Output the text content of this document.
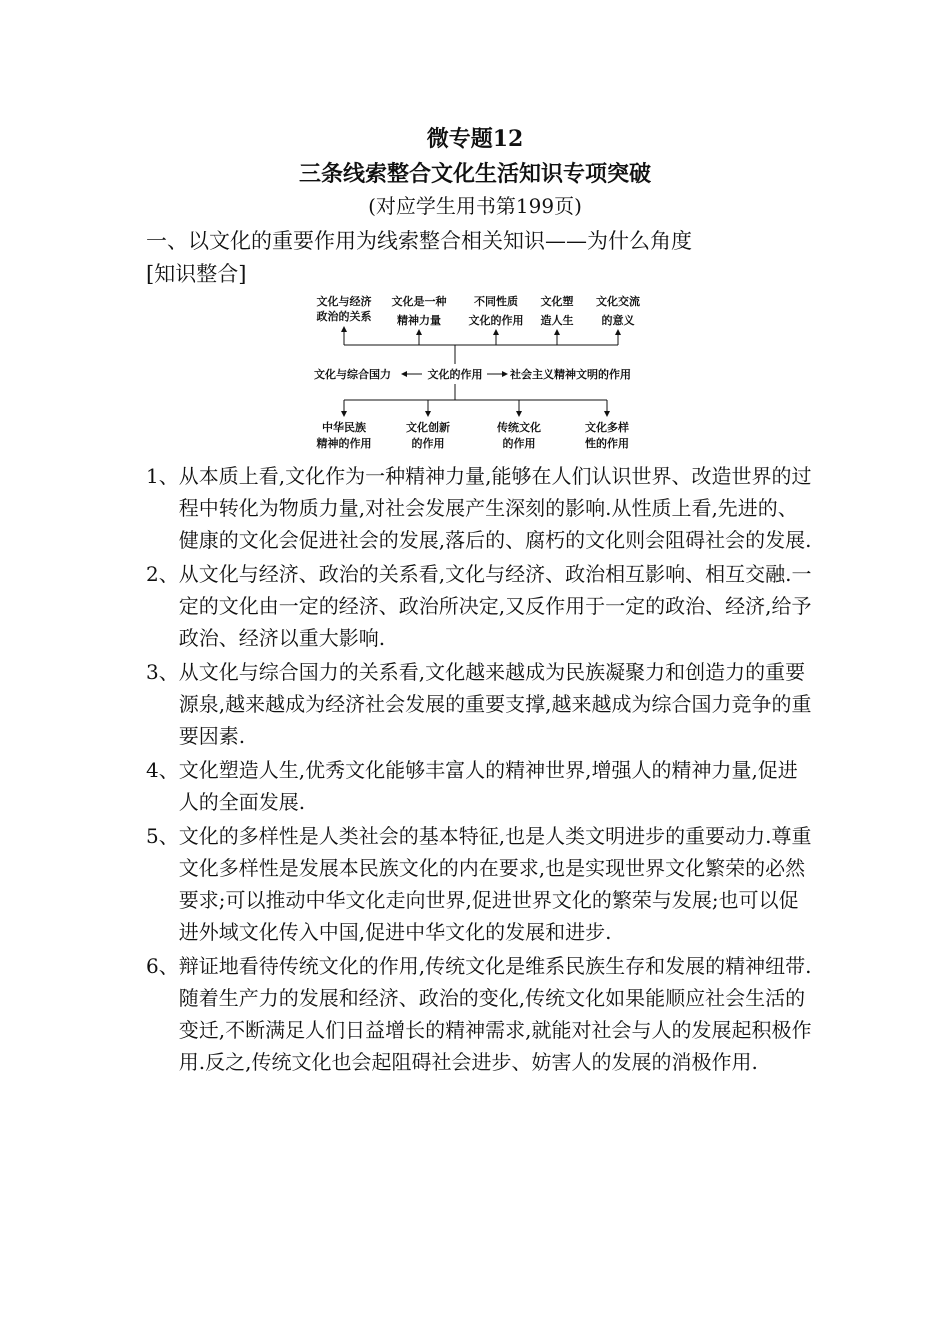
微专题12
三条线索整合文化生活知识专项突破
(对应学生用书第199页)
一、以文化的重要作用为线索整合相关知识——为什么角度
[知识整合]
文化与经济
政治的关系
文化是一种
精神力量
不同性质
文化的作用
文化塑
造人生
文化交流
的意义
文化与综合国力	文化的作用	社会主义精神文明的作用
中华民族
精神的作用
文化创新
的作用
传统文化
的作用
文化多样
性的作用
1、 从本质上看,文化作为一种精神力量,能够在人们认识世界、改造世界的过程中转化为物质力量,对社会发展产生深刻的影响.从性质上看,先进的、健康的文化会促进社会的发展,落后的、腐朽的文化则会阻碍社会的发展.
2、 从文化与经济、政治的关系看,文化与经济、政治相互影响、相互交融.一定的文化由一定的经济、政治所决定,又反作用于一定的政治、经济,给予政治、经济以重大影响.
3、 从文化与综合国力的关系看,文化越来越成为民族凝聚力和创造力的重要源泉,越来越成为经济社会发展的重要支撑,越来越成为综合国力竞争的重要因素.
4、 文化塑造人生,优秀文化能够丰富人的精神世界,增强人的精神力量,促进人的全面发展.
5、 文化的多样性是人类社会的基本特征,也是人类文明进步的重要动力.尊重文化多样性是发展本民族文化的内在要求,也是实现世界文化繁荣的必然要求;可以推动中华文化走向世界,促进世界文化的繁荣与发展;也可以促进外域文化传入中国,促进中华文化的发展和进步.
6、 辩证地看待传统文化的作用,传统文化是维系民族生存和发展的精神纽带.随着生产力的发展和经济、政治的变化,传统文化如果能顺应社会生活的变迁,不断满足人们日益增长的精神需求,就能对社会与人的发展起积极作用.反之,传统文化也会起阻碍社会进步、妨害人的发展的消极作用.
